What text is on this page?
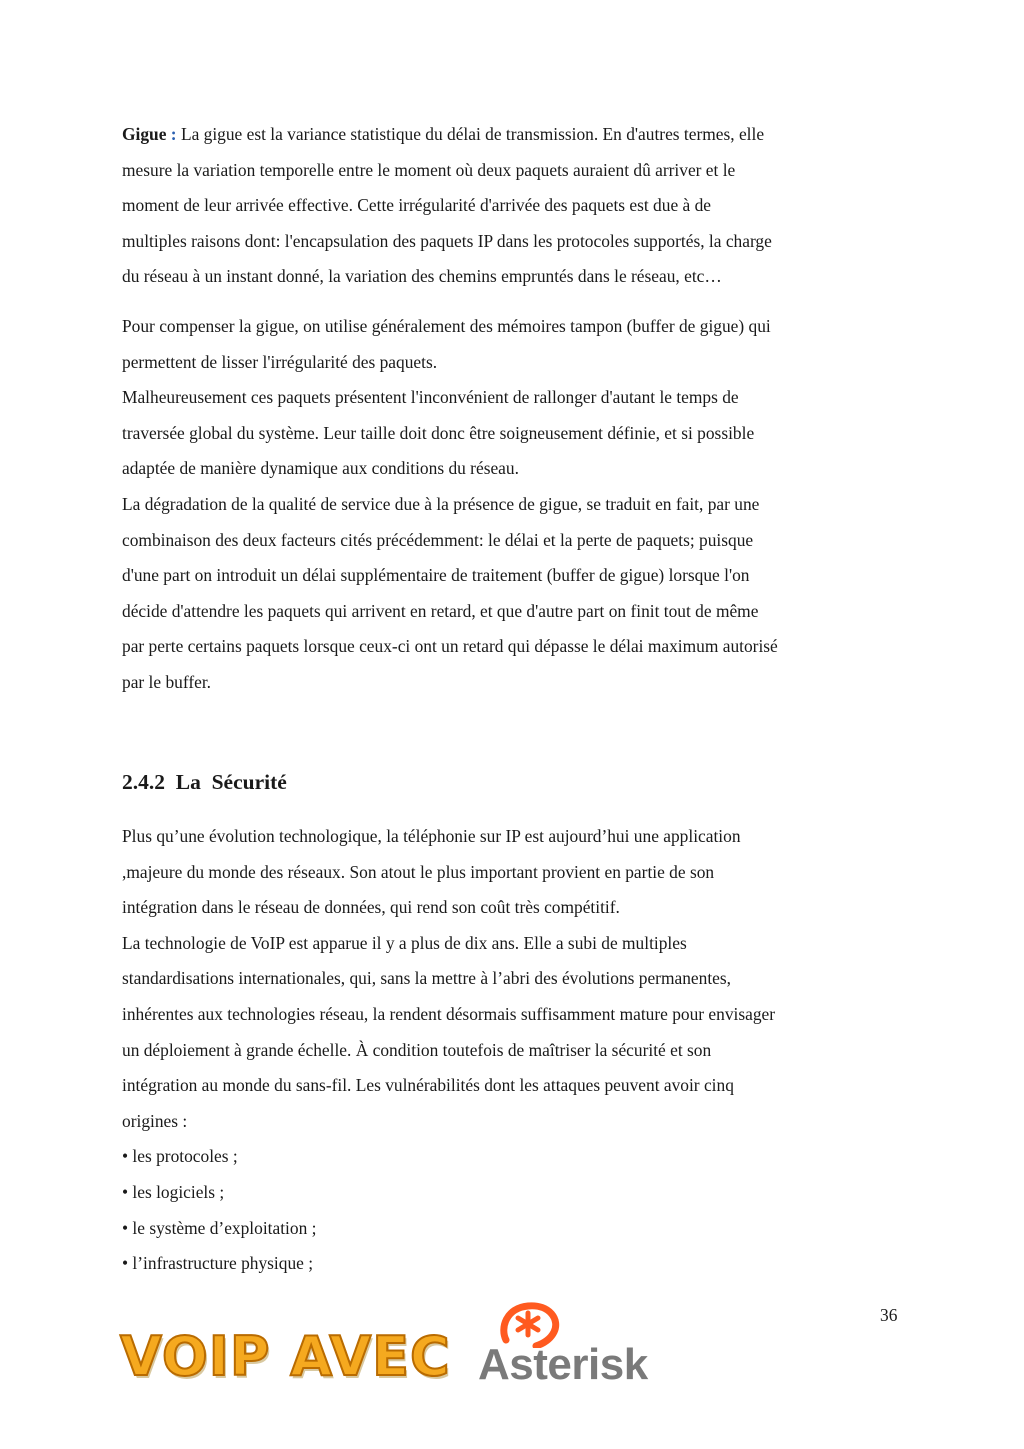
Gigue : La gigue est la variance statistique du délai de transmission. En d'autres termes, elle
mesure la variation temporelle entre le moment où deux paquets auraient dû arriver et le
moment de leur arrivée effective. Cette irrégularité d'arrivée des paquets est due à de
multiples raisons dont: l'encapsulation des paquets IP dans les protocoles supportés, la charge
du réseau à un instant donné, la variation des chemins empruntés dans le réseau, etc…
Pour compenser la gigue, on utilise généralement des mémoires tampon (buffer de gigue) qui
permettent de lisser l'irrégularité des paquets.
Malheureusement ces paquets présentent l'inconvénient de rallonger d'autant le temps de
traversée global du système. Leur taille doit donc être soigneusement définie, et si possible
adaptée de manière dynamique aux conditions du réseau.
La dégradation de la qualité de service due à la présence de gigue, se traduit en fait, par une
combinaison des deux facteurs cités précédemment: le délai et la perte de paquets; puisque
d'une part on introduit un délai supplémentaire de traitement (buffer de gigue) lorsque l'on
décide d'attendre les paquets qui arrivent en retard, et que d'autre part on finit tout de même
par perte certains paquets lorsque ceux-ci ont un retard qui dépasse le délai maximum autorisé
par le buffer.
2.4.2  La  Sécurité
Plus qu’une évolution technologique, la téléphonie sur IP est aujourd’hui une application
,majeure du monde des réseaux. Son atout le plus important provient en partie de son
intégration dans le réseau de données, qui rend son coût très compétitif.
La technologie de VoIP est apparue il y a plus de dix ans. Elle a subi de multiples
standardisations internationales, qui, sans la mettre à l’abri des évolutions permanentes,
inhérentes aux technologies réseau, la rendent désormais suffisamment mature pour envisager
un déploiement à grande échelle. À condition toutefois de maîtriser la sécurité et son
intégration au monde du sans-fil. Les vulnérabilités dont les attaques peuvent avoir cinq
origines :
• les protocoles ;
• les logiciels ;
• le système d’exploitation ;
• l’infrastructure physique ;
36
VOIP AVEC Asterisk
